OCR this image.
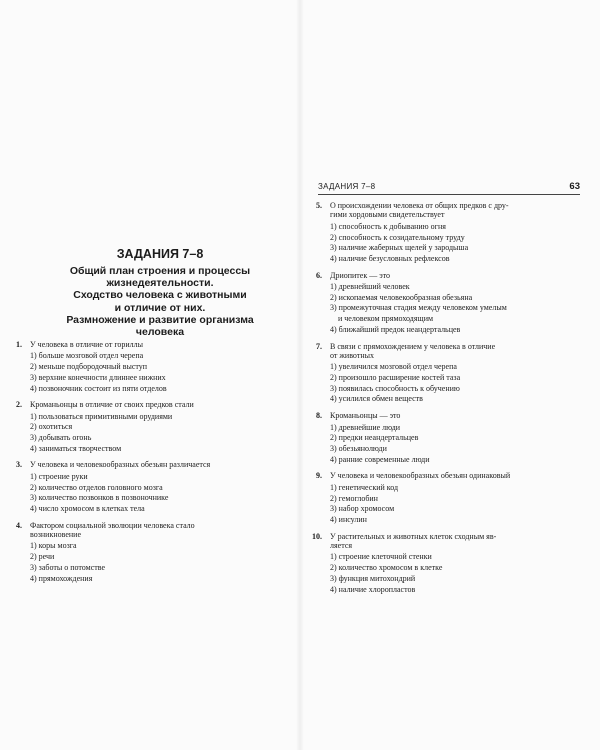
ЗАДАНИЯ 7–8
Общий план строения и процессы
жизнедеятельности.
Сходство человека с животными
и отличие от них.
Размножение и развитие организма
человека
1. У человека в отличие от гориллы
1) больше мозговой отдел черепа
2) меньше подбородочный выступ
3) верхние конечности длиннее нижних
4) позвоночник состоит из пяти отделов
2. Кроманьонцы в отличие от своих предков стали
1) пользоваться примитивными орудиями
2) охотиться
3) добывать огонь
4) заниматься творчеством
3. У человека и человекообразных обезьян различается
1) строение руки
2) количество отделов головного мозга
3) количество позвонков в позвоночнике
4) число хромосом в клетках тела
4. Фактором социальной эволюции человека стало
возникновение
1) коры мозга
2) речи
3) заботы о потомстве
4) прямохождения
5. О происхождении человека от общих предков с дру-
гими хордовыми свидетельствует
1) способность к добыванию огня
2) способность к созидательному труду
3) наличие жаберных щелей у зародыша
4) наличие безусловных рефлексов
6. Дриопитек — это
1) древнейший человек
2) ископаемая человекообразная обезьяна
3) промежуточная стадия между человеком умелым
и человеком прямоходящим
4) ближайший предок неандертальцев
7. В связи с прямохождением у человека в отличие
от животных
1) увеличился мозговой отдел черепа
2) произошло расширение костей таза
3) появилась способность к обучению
4) усилился обмен веществ
8. Кроманьонцы — это
1) древнейшие люди
2) предки неандертальцев
3) обезьянолюди
4) ранние современные люди
9. У человека и человекообразных обезьян одинаковый
1) генетический код
2) гемоглобин
3) набор хромосом
4) инсулин
10. У растительных и животных клеток сходным яв-
ляется
1) строение клеточной стенки
2) количество хромосом в клетке
3) функция митохондрий
4) наличие хлоропластов
ЗАДАНИЯ 7–8	63
